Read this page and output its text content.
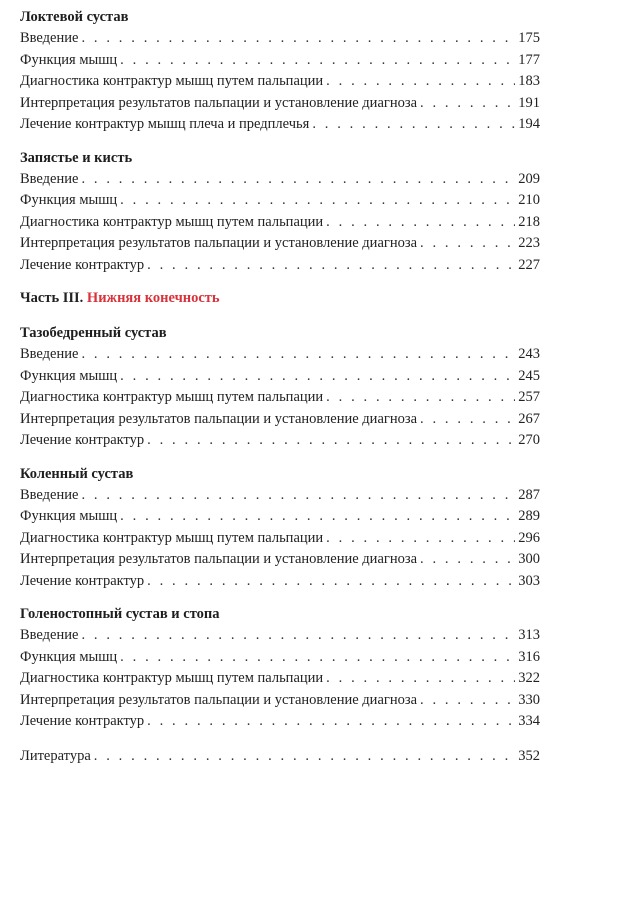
Локтевой сустав
Введение . . .	175
Функция мышц . . .	177
Диагностика контрактур мышц путем пальпации . . .	183
Интерпретация результатов пальпации и установление диагноза . . .	191
Лечение контрактур мышц плеча и предплечья . . .	194
Запястье и кисть
Введение . . .	209
Функция мышц . . .	210
Диагностика контрактур мышц путем пальпации . . .	218
Интерпретация результатов пальпации и установление диагноза . . .	223
Лечение контрактур . . .	227
Часть III. Нижняя конечность
Тазобедренный сустав
Введение . . .	243
Функция мышц . . .	245
Диагностика контрактур мышц путем пальпации . . .	257
Интерпретация результатов пальпации и установление диагноза . . .	267
Лечение контрактур . . .	270
Коленный сустав
Введение . . .	287
Функция мышц . . .	289
Диагностика контрактур мышц путем пальпации . . .	296
Интерпретация результатов пальпации и установление диагноза . . .	300
Лечение контрактур . . .	303
Голеностопный сустав и стопа
Введение . . .	313
Функция мышц . . .	316
Диагностика контрактур мышц путем пальпации . . .	322
Интерпретация результатов пальпации и установление диагноза . . .	330
Лечение контрактур . . .	334
Литература . . .	352
